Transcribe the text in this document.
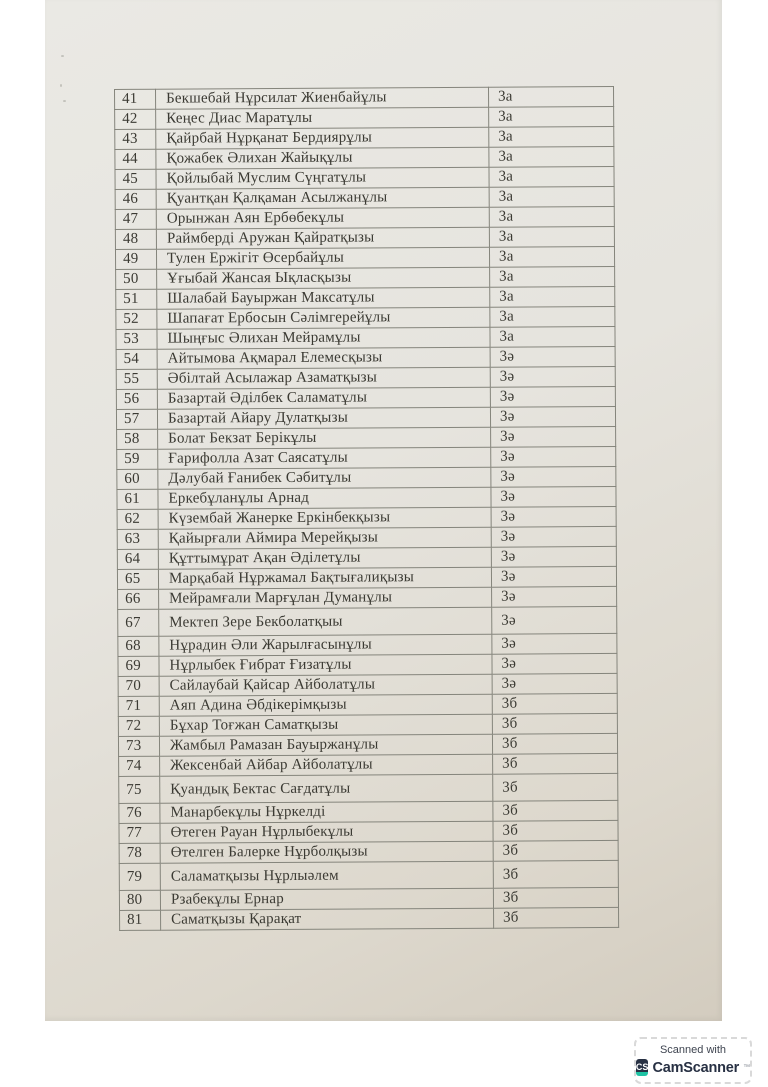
41	Бекшебай Нұрсилат Жиенбайұлы	3а
42	Кеңес Диас Маратұлы	3а
43	Қайрбай Нұрқанат Бердиярұлы	3а
44	Қожабек Әлихан Жайықұлы	3а
45	Қойлыбай Муслим Сүңгатұлы	3а
46	Қуантқан Қалқаман Асылжанұлы	3а
47	Орынжан Аян Ербөбекұлы	3а
48	Раймберді Аружан Қайратқызы	3а
49	Тулен Ержігіт Өсербайұлы	3а
50	Ұғыбай Жансая Ықласқызы	3а
51	Шалабай Бауыржан Максатұлы	3а
52	Шапағат Ербосын Сәлімгерейұлы	3а
53	Шыңғыс Әлихан Мейрамұлы	3а
54	Айтымова Ақмарал Елемесқызы	3ә
55	Әбілтай Асылажар Азаматқызы	3ә
56	Базартай Әділбек Саламатұлы	3ә
57	Базартай Айару Дулатқызы	3ә
58	Болат Бекзат Берікұлы	3ә
59	Ғарифолла Азат Саясатұлы	3ә
60	Дәлубай Ғанибек Сәбитұлы	3ә
61	Еркебұланұлы Арнад	3ә
62	Күзембай Жанерке Еркінбекқызы	3ә
63	Қайырғали Аймира Мерейқызы	3ә
64	Құттымұрат Ақан Әділетұлы	3ә
65	Марқабай Нұржамал Бақтығалиқызы	3ә
66	Мейрамғали Марғұлан Думанұлы	3ә
67	Мектеп Зере Бекболатқыы	3ә
68	Нұрадин Әли Жарылғасынұлы	3ә
69	Нұрлыбек Ғибрат Ғизатұлы	3ә
70	Сайлаубай Қайсар Айболатұлы	3ә
71	Аяп Адина Әбдікерімқызы	3б
72	Бұхар Тоғжан Саматқызы	3б
73	Жамбыл Рамазан Бауыржанұлы	3б
74	Жексенбай Айбар Айболатұлы	3б
75	Қуандық Бектас Сағдатұлы	3б
76	Манарбекұлы Нұркелді	3б
77	Өтеген Рауан Нұрлыбекұлы	3б
78	Өтелген Балерке Нұрболқызы	3б
79	Саламатқызы Нұрлыәлем	3б
80	Рзабекұлы Ернар	3б
81	Саматқызы Қарақат	3б
Scanned with
CS CamScanner ™
